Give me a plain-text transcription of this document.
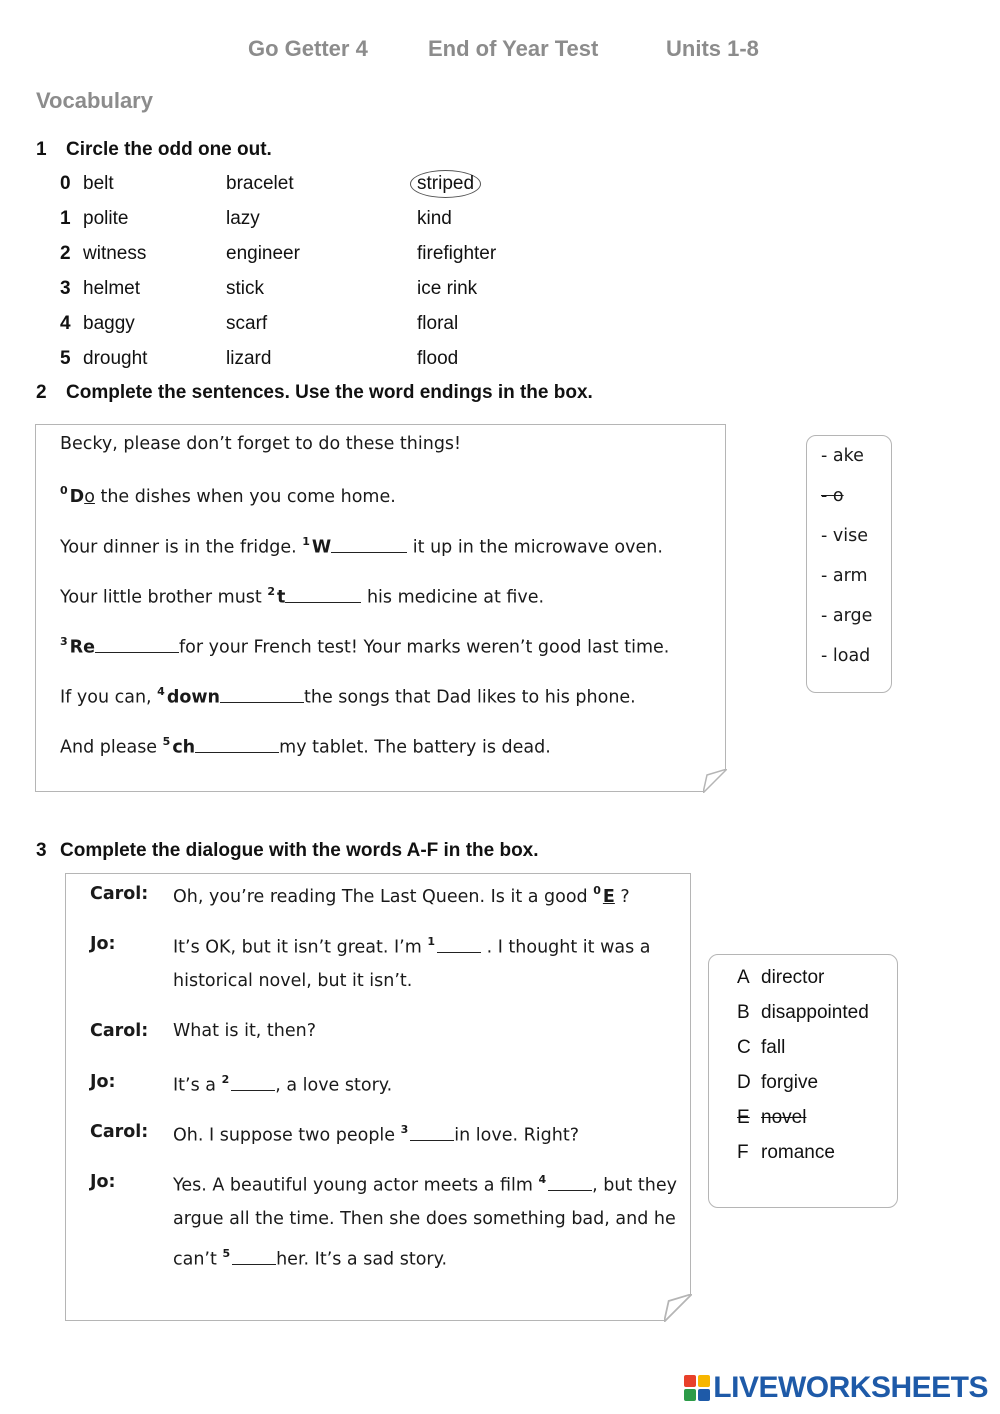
Go Getter 4	End of Year Test	Units 1-8
Vocabulary
1 Circle the odd one out.
0 belt	bracelet	striped
1 polite	lazy	kind
2 witness	engineer	firefighter
3 helmet	stick	ice rink
4 baggy	scarf	floral
5 drought	lizard	flood
2 Complete the sentences. Use the word endings in the box.
Becky, please don’t forget to do these things!
$^0$ Do the dishes when you come home.
Your dinner is in the fridge. $^1$ W	it up in the microwave oven.
Your little brother must $^2$ t	his medicine at five.
$^3$ Re	for your French test! Your marks weren’t good last time.
If you can, $^4$ down	the songs that Dad likes to his phone.
And please $^5$ ch	my tablet. The battery is dead.
- ake
- o
- vise
- arm
- arge
- load
3 Complete the dialogue with the words A-F in the box.
Carol: Oh, you’re reading The Last Queen. Is it a good $^0$ E ?
Jo:	It’s OK, but it isn’t great. I’m $^1$	. I thought it was a
historical novel, but it isn’t.
Carol: What is it, then?
Jo:	It’s a $^2$	, a love story.
Carol: Oh. I suppose two people $^3$	in love. Right?
Jo:	Yes. A beautiful young actor meets a film $^4$	, but they
argue all the time. Then she does something bad, and he
can’t $^5$	her. It’s a sad story.
A director
B disappointed
C fall
D forgive
E novel
F romance
LIVEWORKSHEETS
